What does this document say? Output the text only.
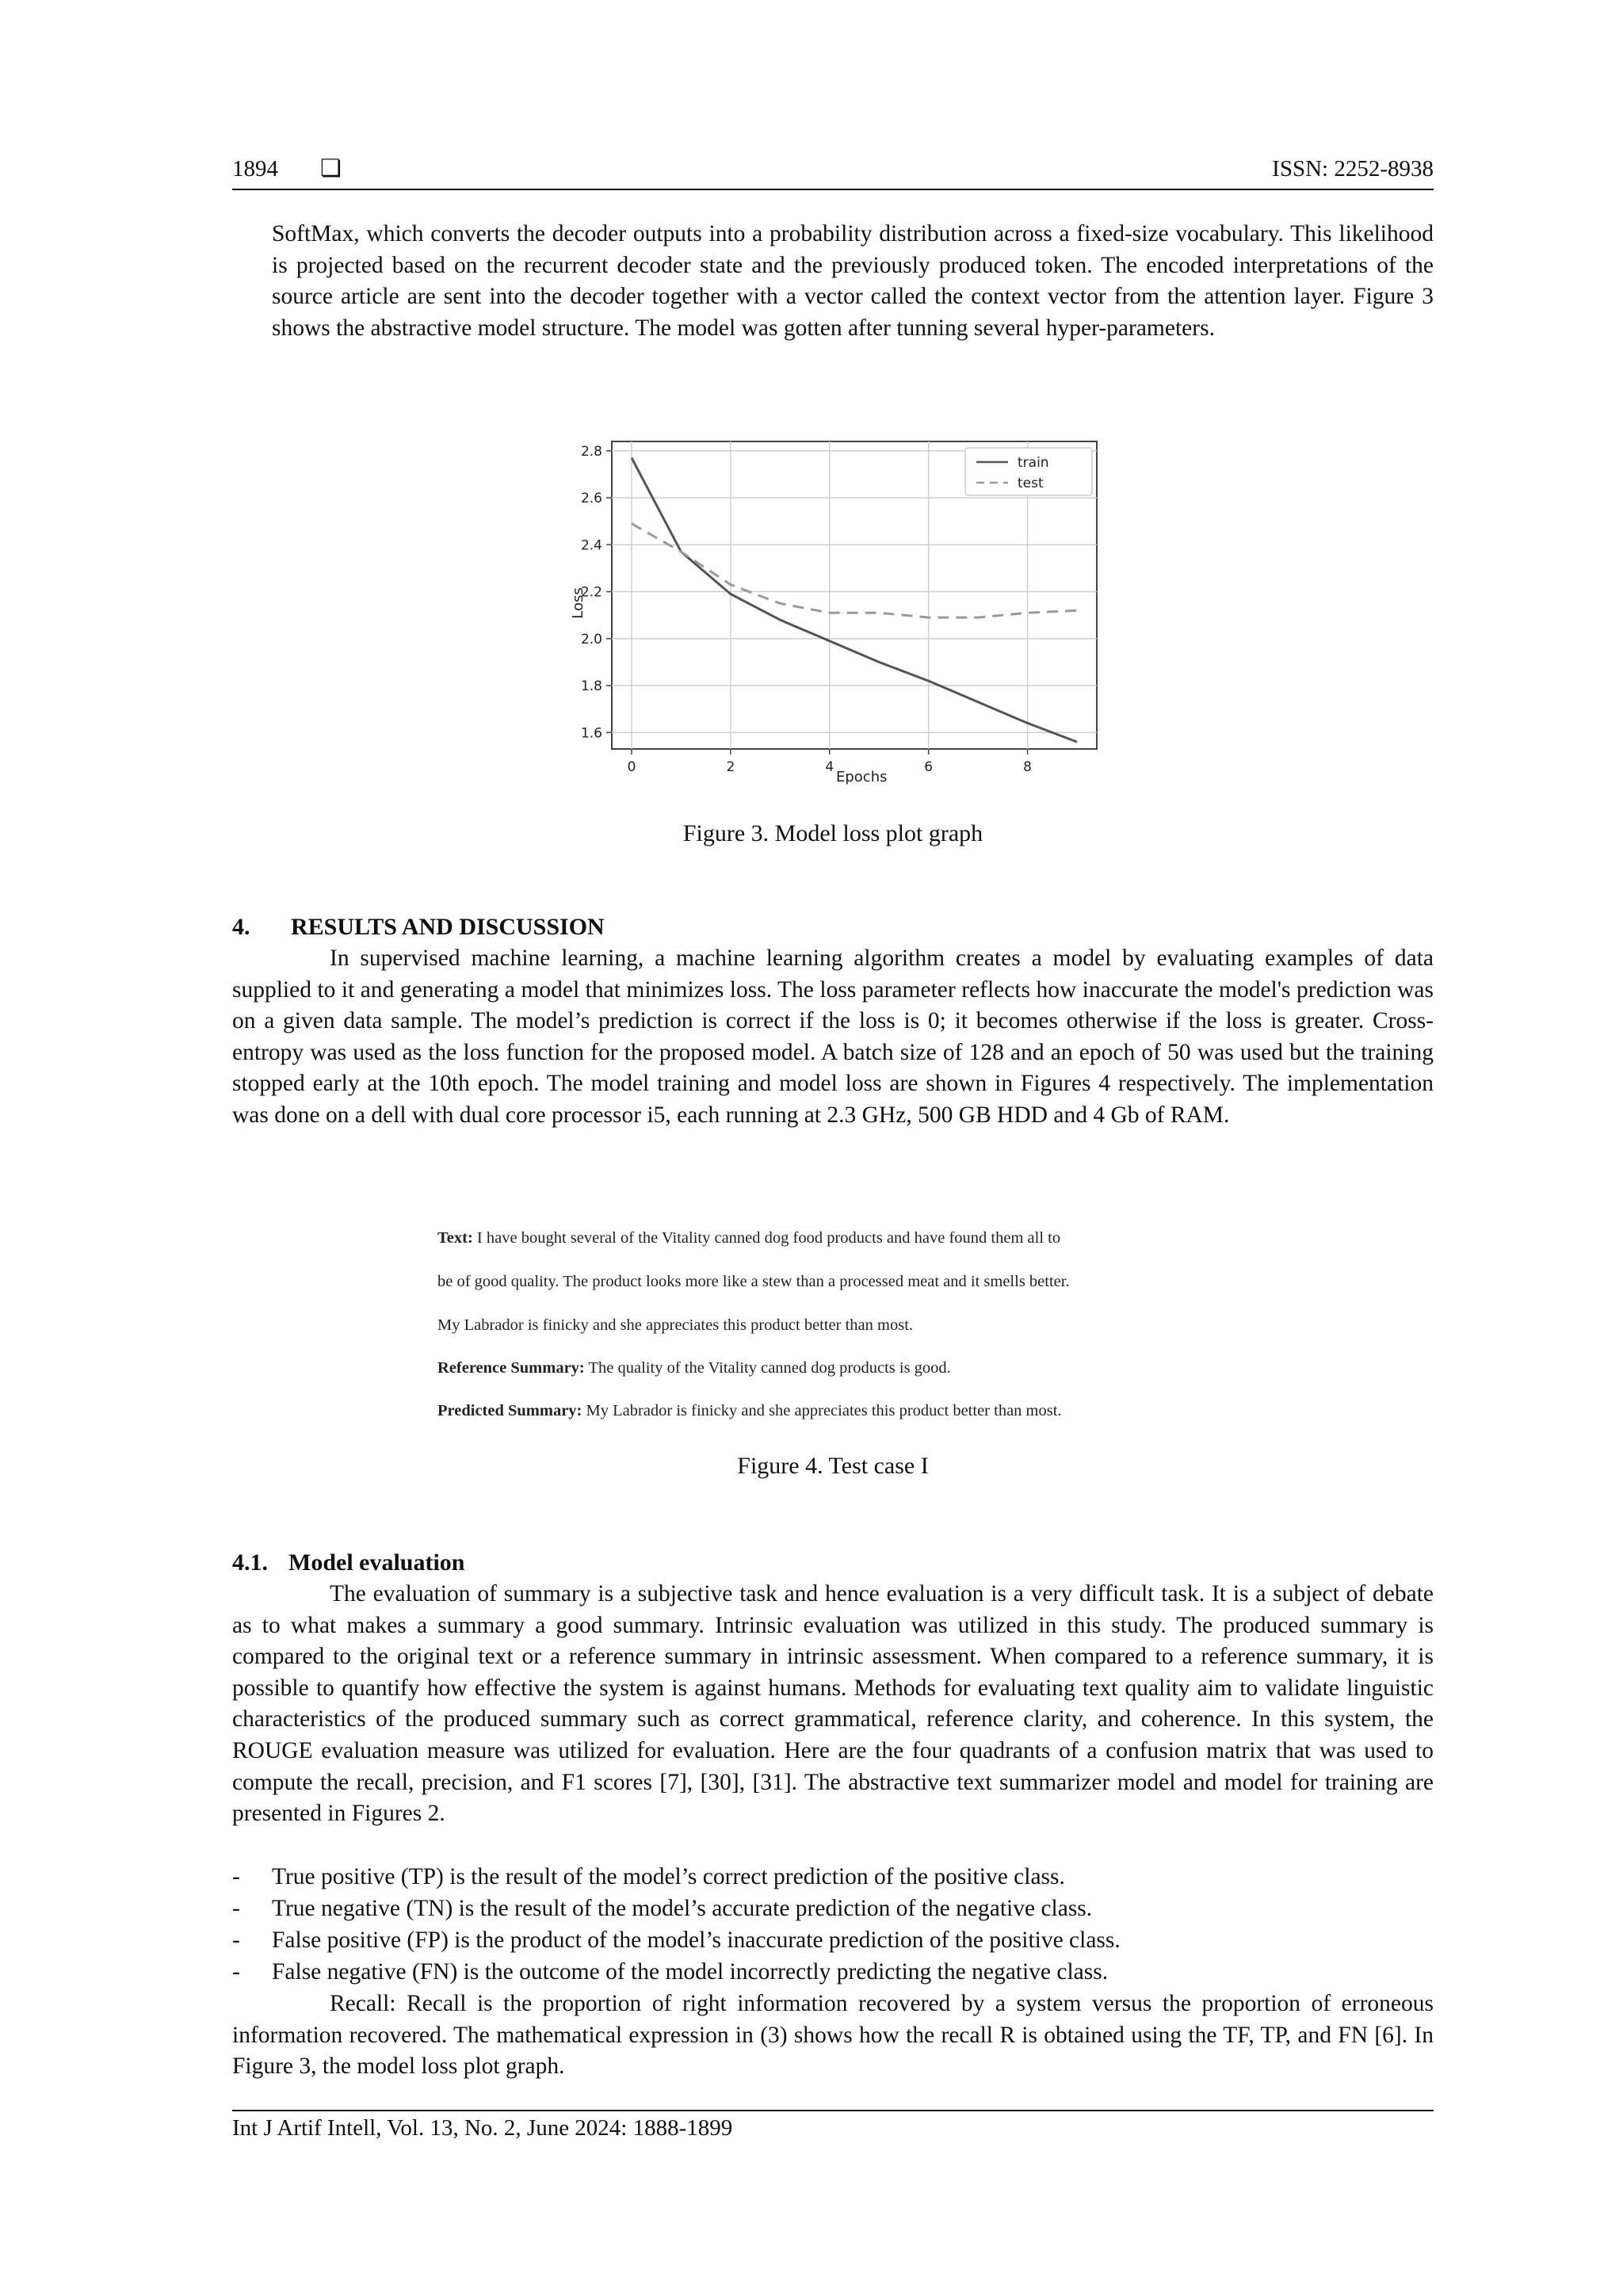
1894 ❏	ISSN: 2252-8938
SoftMax, which converts the decoder outputs into a probability distribution across a fixed-size vocabulary. This likelihood is projected based on the recurrent decoder state and the previously produced token. The encoded interpretations of the source article are sent into the decoder together with a vector called the context vector from the attention layer. Figure 3 shows the abstractive model structure. The model was gotten after tunning several hyper-parameters.
1.6
1.8
2.0
2.2
2.4
2.6
2.8
0	2	4	6	8
Epochs
Loss
train
test
Figure 3. Model loss plot graph
4. RESULTS AND DISCUSSION
In supervised machine learning, a machine learning algorithm creates a model by evaluating examples of data supplied to it and generating a model that minimizes loss. The loss parameter reflects how inaccurate the model's prediction was on a given data sample. The model’s prediction is correct if the loss is 0; it becomes otherwise if the loss is greater. Cross-entropy was used as the loss function for the proposed model. A batch size of 128 and an epoch of 50 was used but the training stopped early at the 10th epoch. The model training and model loss are shown in Figures 4 respectively. The implementation was done on a dell with dual core processor i5, each running at 2.3 GHz, 500 GB HDD and 4 Gb of RAM.
Text: I have bought several of the Vitality canned dog food products and have found them all to
be of good quality. The product looks more like a stew than a processed meat and it smells better.
My Labrador is finicky and she appreciates this product better than most.
Reference Summary: The quality of the Vitality canned dog products is good.
Predicted Summary: My Labrador is finicky and she appreciates this product better than most.
Figure 4. Test case I
4.1. Model evaluation
The evaluation of summary is a subjective task and hence evaluation is a very difficult task. It is a subject of debate as to what makes a summary a good summary. Intrinsic evaluation was utilized in this study. The produced summary is compared to the original text or a reference summary in intrinsic assessment. When compared to a reference summary, it is possible to quantify how effective the system is against humans. Methods for evaluating text quality aim to validate linguistic characteristics of the produced summary such as correct grammatical, reference clarity, and coherence. In this system, the ROUGE evaluation measure was utilized for evaluation. Here are the four quadrants of a confusion matrix that was used to compute the recall, precision, and F1 scores [7], [30], [31]. The abstractive text summarizer model and model for training are presented in Figures 2.
- True positive (TP) is the result of the model’s correct prediction of the positive class.
- True negative (TN) is the result of the model’s accurate prediction of the negative class.
- False positive (FP) is the product of the model’s inaccurate prediction of the positive class.
- False negative (FN) is the outcome of the model incorrectly predicting the negative class.
Recall: Recall is the proportion of right information recovered by a system versus the proportion of erroneous information recovered. The mathematical expression in (3) shows how the recall R is obtained using the TF, TP, and FN [6]. In Figure 3, the model loss plot graph.
Int J Artif Intell, Vol. 13, No. 2, June 2024: 1888-1899
